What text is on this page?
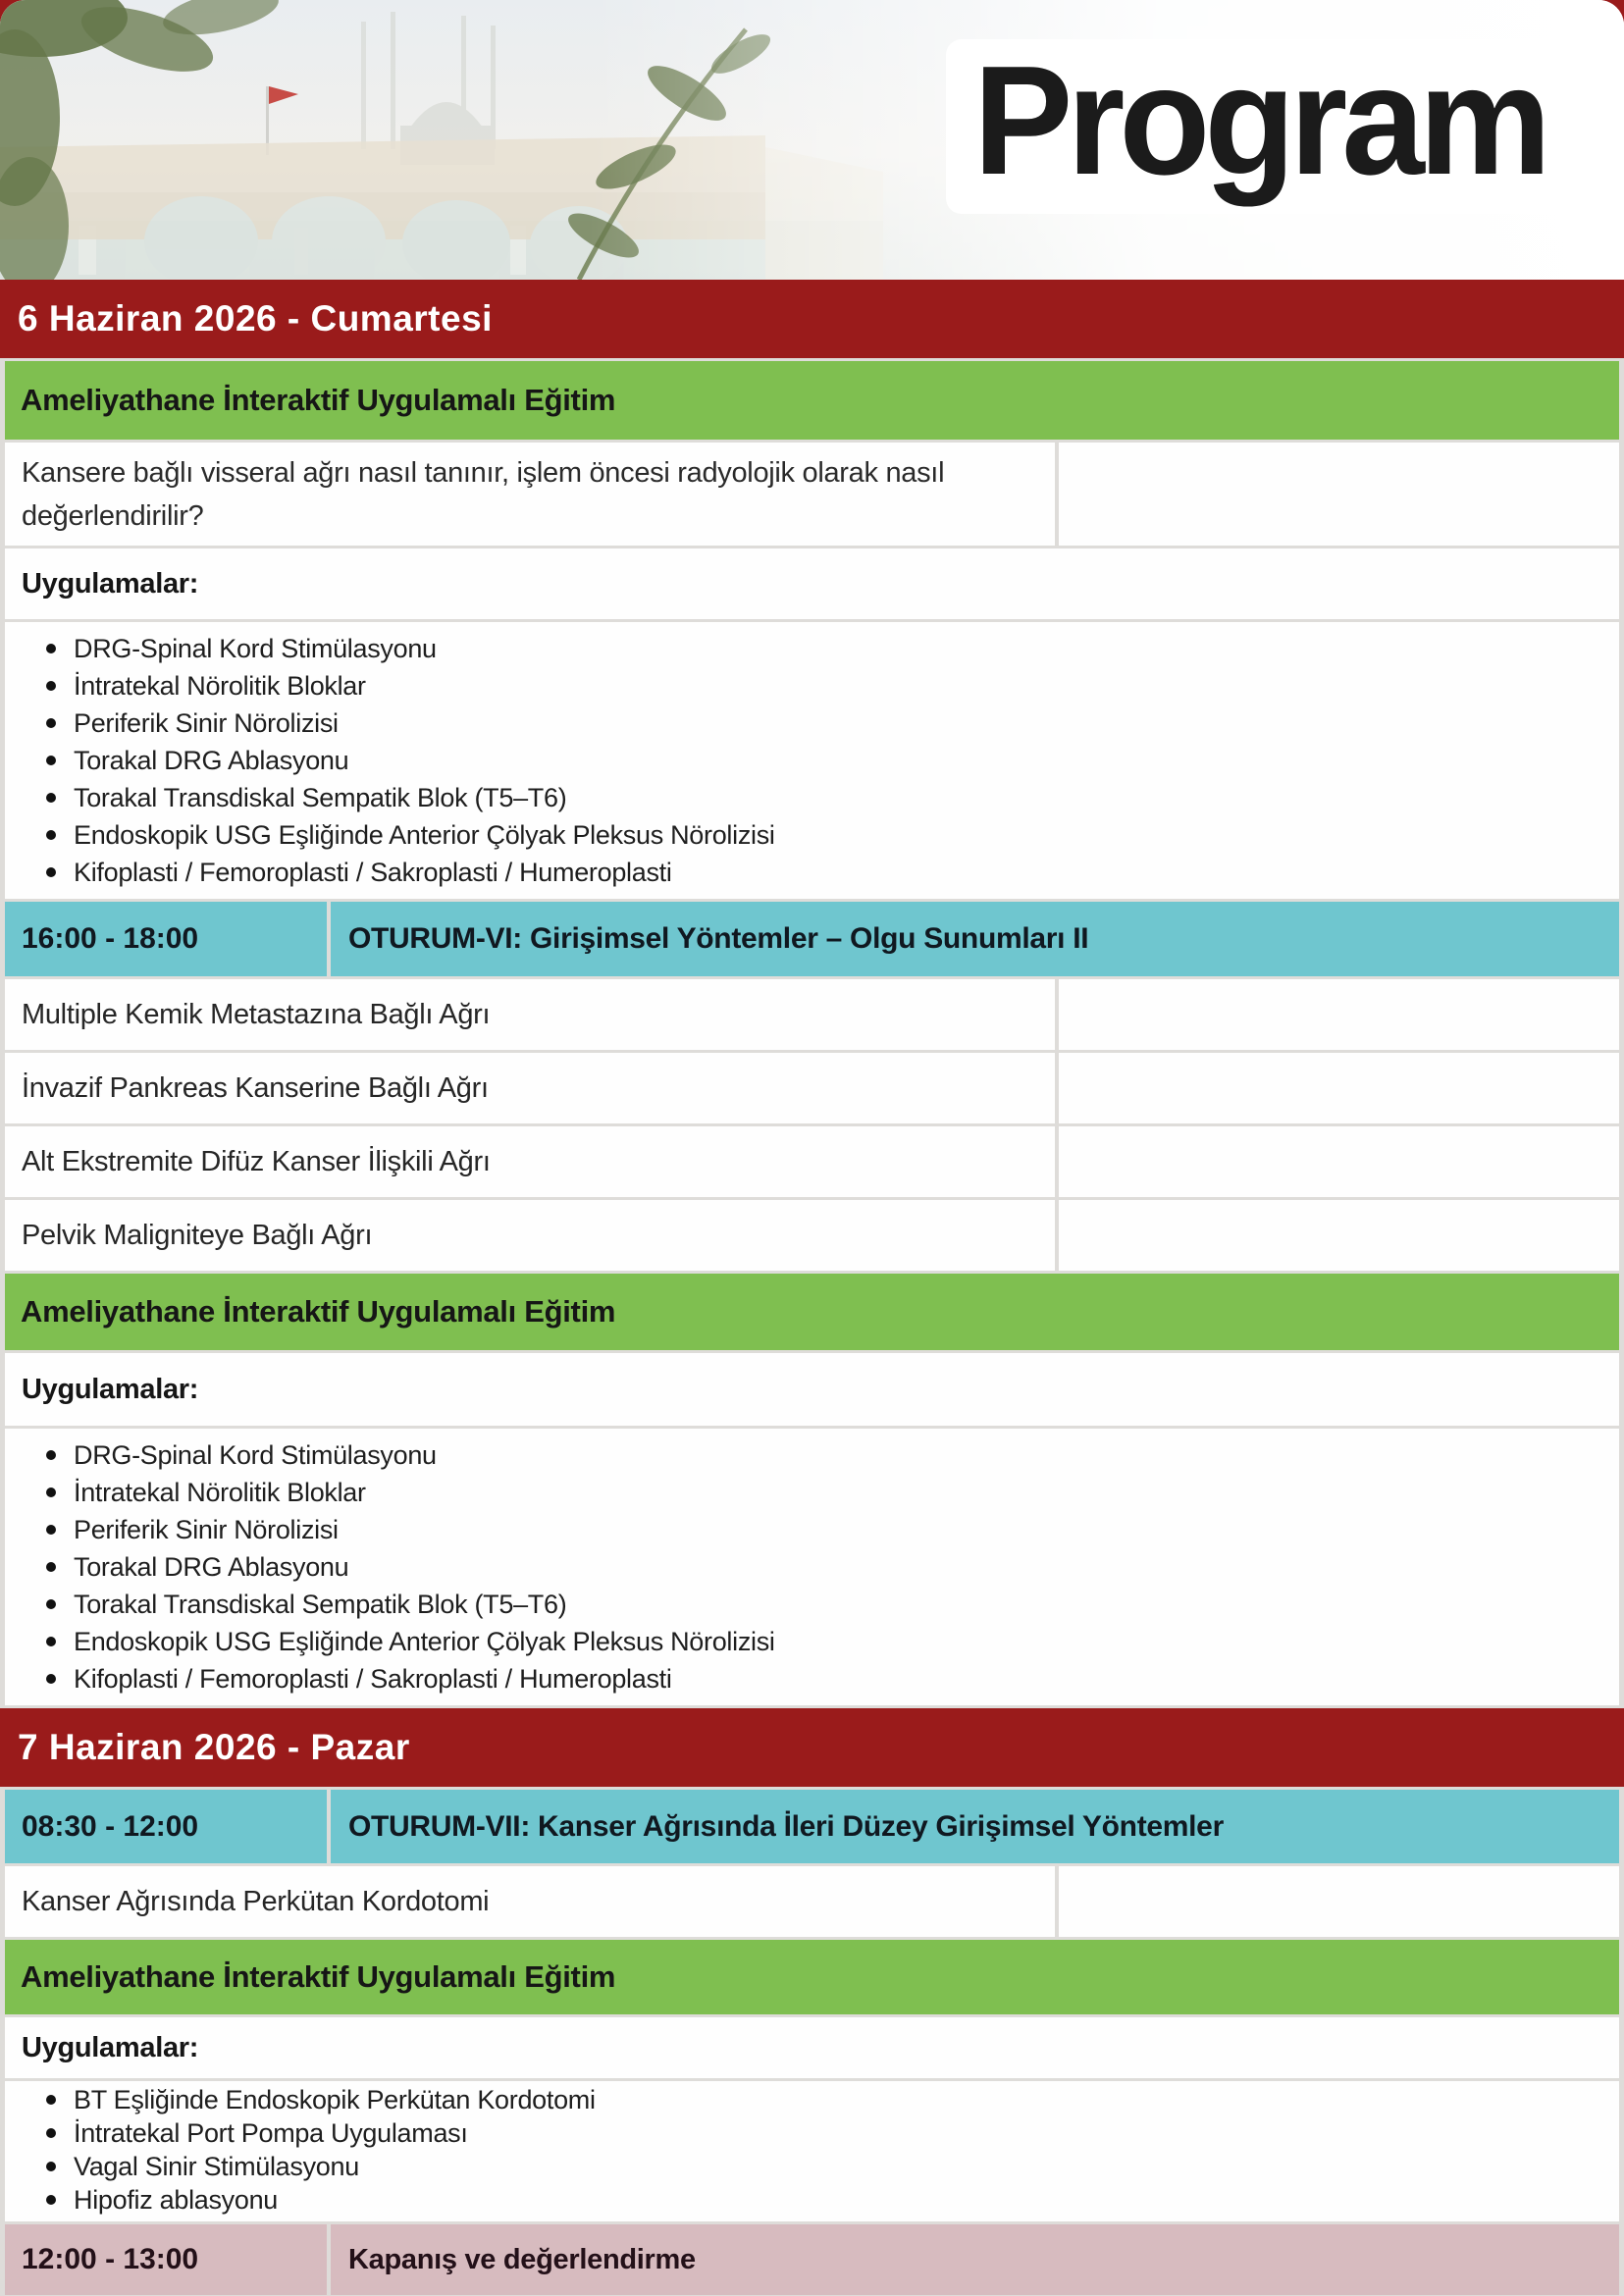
Program
6 Haziran 2026 - Cumartesi
Ameliyathane İnteraktif Uygulamalı Eğitim
Kansere bağlı visseral ağrı nasıl tanınır, işlem öncesi radyolojik olarak nasıl değerlendirilir?
Uygulamalar:
DRG-Spinal Kord Stimülasyonu
İntratekal Nörolitik Bloklar
Periferik Sinir Nörolizisi
Torakal DRG Ablasyonu
Torakal Transdiskal Sempatik Blok (T5–T6)
Endoskopik USG Eşliğinde Anterior Çölyak Pleksus Nörolizisi
Kifoplasti / Femoroplasti / Sakroplasti / Humeroplasti
16:00 - 18:00	OTURUM-VI: Girişimsel Yöntemler – Olgu Sunumları II
Multiple Kemik Metastazına Bağlı Ağrı
İnvazif Pankreas Kanserine Bağlı Ağrı
Alt Ekstremite Difüz Kanser İlişkili Ağrı
Pelvik Maligniteye Bağlı Ağrı
Ameliyathane İnteraktif Uygulamalı Eğitim
Uygulamalar:
DRG-Spinal Kord Stimülasyonu
İntratekal Nörolitik Bloklar
Periferik Sinir Nörolizisi
Torakal DRG Ablasyonu
Torakal Transdiskal Sempatik Blok (T5–T6)
Endoskopik USG Eşliğinde Anterior Çölyak Pleksus Nörolizisi
Kifoplasti / Femoroplasti / Sakroplasti / Humeroplasti
7 Haziran 2026 - Pazar
08:30 - 12:00	OTURUM-VII: Kanser Ağrısında İleri Düzey Girişimsel Yöntemler
Kanser Ağrısında Perkütan Kordotomi
Ameliyathane İnteraktif Uygulamalı Eğitim
Uygulamalar:
BT Eşliğinde Endoskopik Perkütan Kordotomi
İntratekal Port Pompa Uygulaması
Vagal Sinir Stimülasyonu
Hipofiz ablasyonu
12:00 - 13:00	Kapanış ve değerlendirme
